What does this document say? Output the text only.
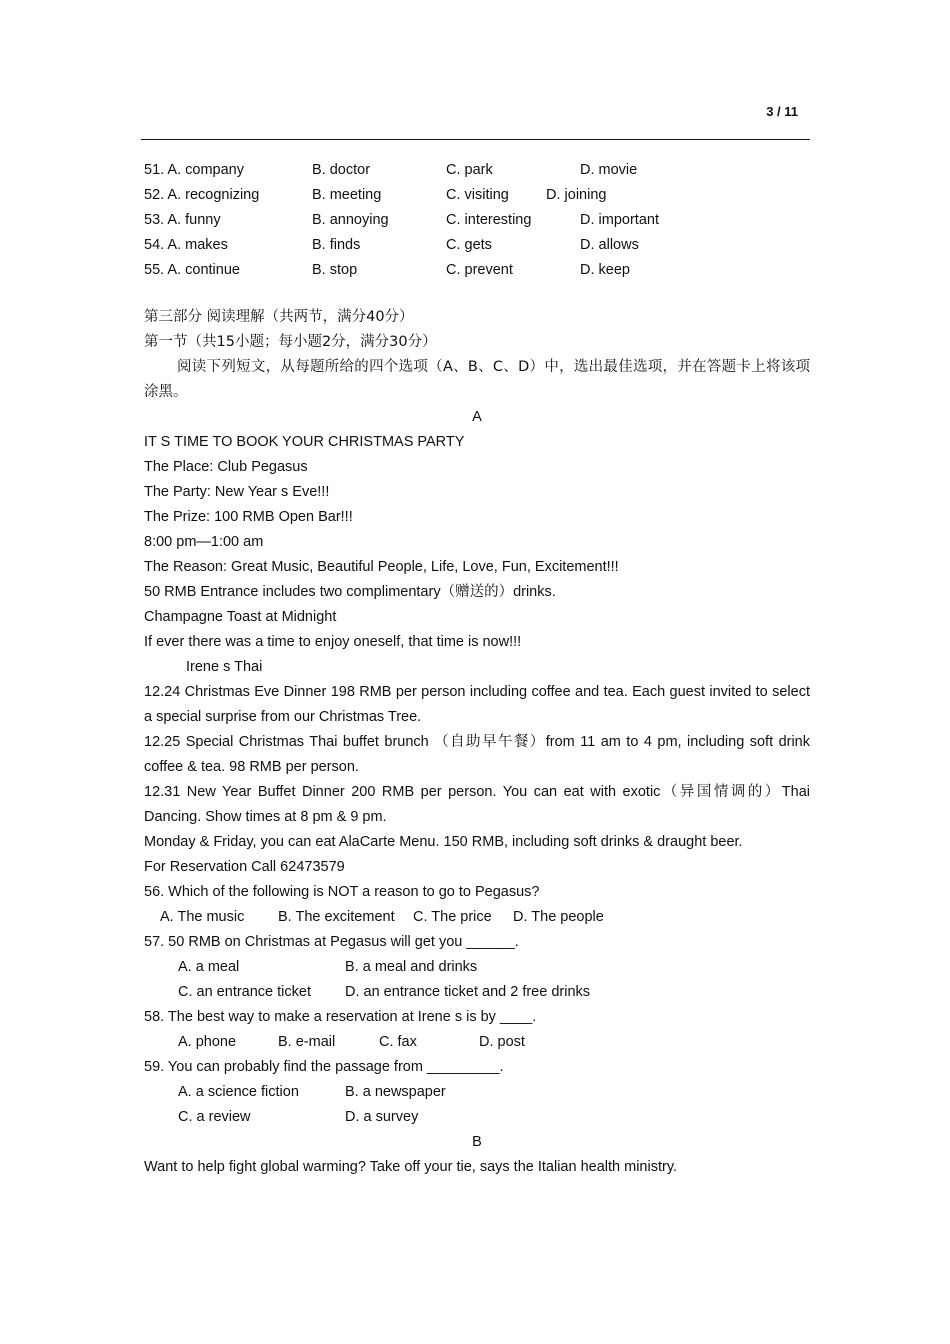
3 / 11
51. A. company	B. doctor	C. park	D. movie
52. A. recognizing	B. meeting	C. visiting	D. joining
53. A. funny	B. annoying	C. interesting	D. important
54. A. makes	B. finds	C. gets	D. allows
55. A. continue	B. stop	C. prevent	D. keep
第三部分 阅读理解（共两节，满分40分）
第一节（共15小题；每小题2分，满分30分）
阅读下列短文，从每题所给的四个选项（A、B、C、D）中，选出最佳选项，并在答题卡上将该项涂黑。
A
IT S TIME TO BOOK YOUR CHRISTMAS PARTY
The Place: Club Pegasus
The Party: New Year s Eve!!!
The Prize: 100 RMB Open Bar!!!
8:00 pm—1:00 am
The Reason: Great Music, Beautiful People, Life, Love, Fun, Excitement!!!
50 RMB Entrance includes two complimentary（赠送的）drinks.
Champagne Toast at Midnight
If ever there was a time to enjoy oneself, that time is now!!!
Irene s Thai
12.24 Christmas Eve Dinner 198 RMB per person including coffee and tea. Each guest invited to select a special surprise from our Christmas Tree.
12.25 Special Christmas Thai buffet brunch （自助早午餐）from 11 am to 4 pm, including soft drink coffee & tea. 98 RMB per person.
12.31 New Year Buffet Dinner 200 RMB per person. You can eat with exotic（异国情调的）Thai Dancing. Show times at 8 pm & 9 pm.
Monday & Friday, you can eat AlaCarte Menu. 150 RMB, including soft drinks & draught beer.
For Reservation Call 62473579
56. Which of the following is NOT a reason to go to Pegasus?
A. The music B. The excitement C. The price D. The people
57. 50 RMB on Christmas at Pegasus will get you ______.
A. a meal	B. a meal and drinks
C. an entrance ticket D. an entrance ticket and 2 free drinks
58. The best way to make a reservation at Irene s is by ____.
A. phone	B. e-mail	C. fax	D. post
59. You can probably find the passage from _________.
A. a science fiction	B. a newspaper
C. a review	D. a survey
B
Want to help fight global warming? Take off your tie, says the Italian health ministry.
